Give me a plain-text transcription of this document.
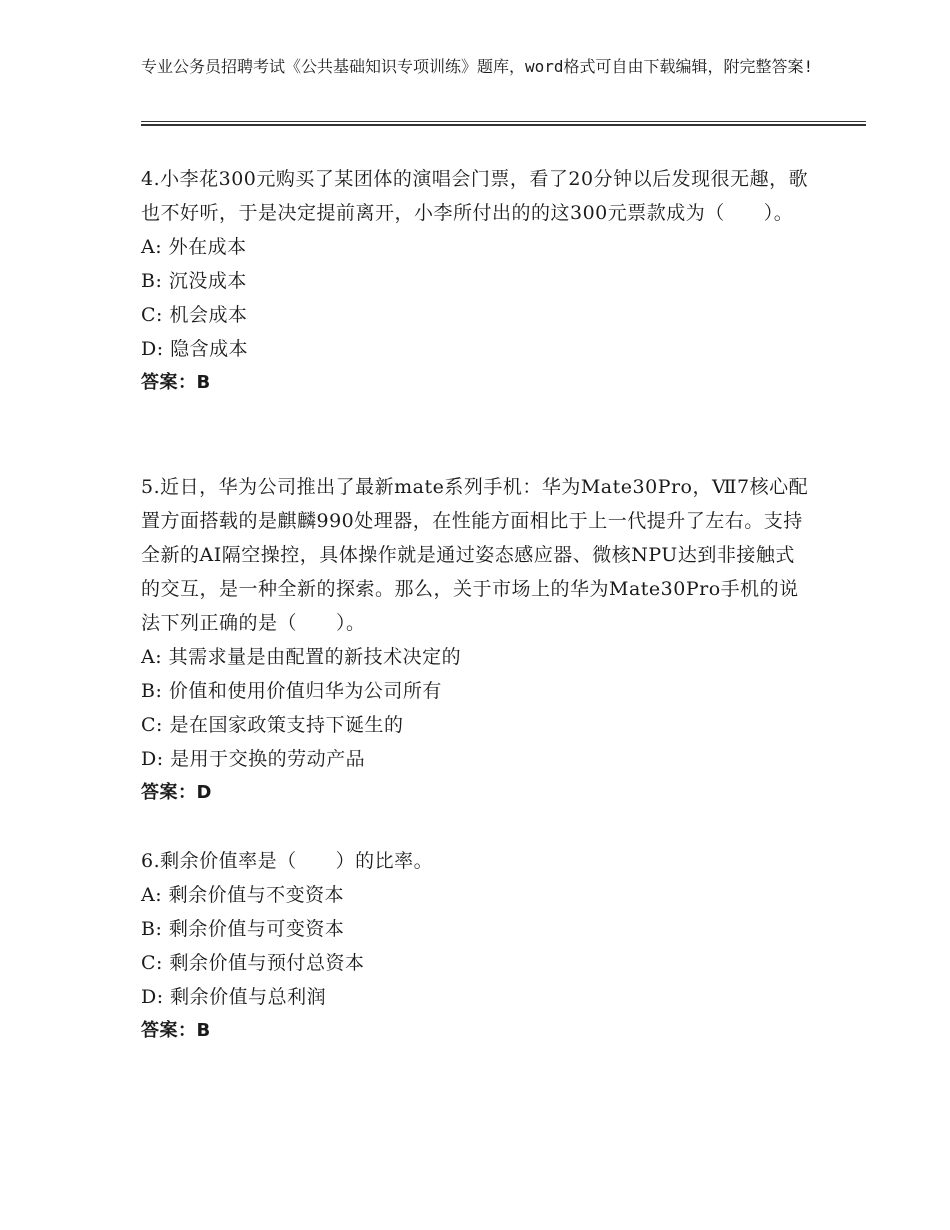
专业公务员招聘考试《公共基础知识专项训练》题库，word格式可自由下载编辑，附完整答案!

4.小李花300元购买了某团体的演唱会门票，看了20分钟以后发现很无趣，歌也不好听，于是决定提前离开，小李所付出的的这300元票款成为（　　）。

A: 外在成本

B: 沉没成本

C: 机会成本

D: 隐含成本

答案：B

5.近日，华为公司推出了最新mate系列手机：华为Mate30Pro，Ⅶ7核心配置方面搭载的是麒麟990处理器，在性能方面相比于上一代提升了左右。支持全新的AI隔空操控，具体操作就是通过姿态感应器、微核NPU达到非接触式的交互，是一种全新的探索。那么，关于市场上的华为Mate30Pro手机的说法下列正确的是（　　）。

A: 其需求量是由配置的新技术决定的

B: 价值和使用价值归华为公司所有

C: 是在国家政策支持下诞生的

D: 是用于交换的劳动产品

答案：D

6.剩余价值率是（　　）的比率。

A: 剩余价值与不变资本

B: 剩余价值与可变资本

C: 剩余价值与预付总资本

D: 剩余价值与总利润

答案：B
